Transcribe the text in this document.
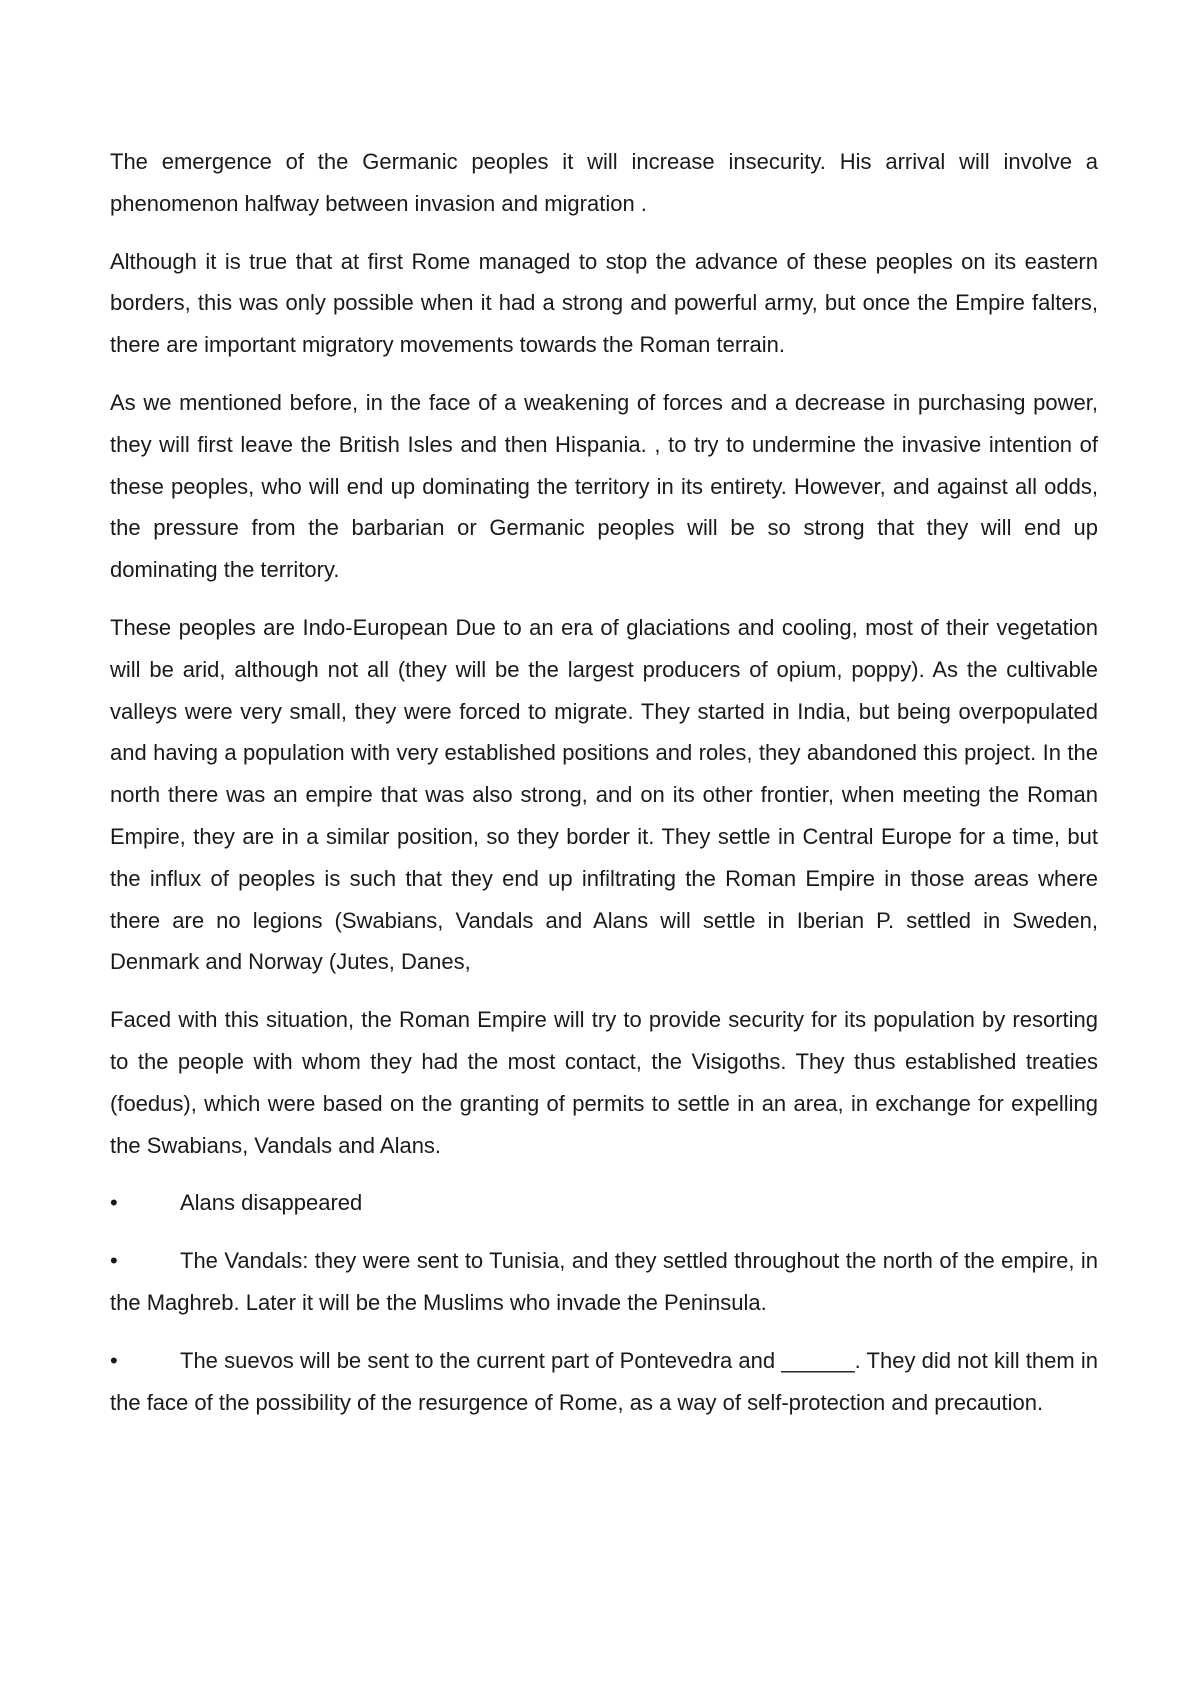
The emergence of the Germanic peoples it will increase insecurity. His arrival will involve a phenomenon halfway between invasion and migration .

Although it is true that at first Rome managed to stop the advance of these peoples on its eastern borders, this was only possible when it had a strong and powerful army, but once the Empire falters, there are important migratory movements towards the Roman terrain.

As we mentioned before, in the face of a weakening of forces and a decrease in purchasing power, they will first leave the British Isles and then Hispania. , to try to undermine the invasive intention of these peoples, who will end up dominating the territory in its entirety. However, and against all odds, the pressure from the barbarian or Germanic peoples will be so strong that they will end up dominating the territory.

These peoples are Indo-European Due to an era of glaciations and cooling, most of their vegetation will be arid, although not all (they will be the largest producers of opium, poppy). As the cultivable valleys were very small, they were forced to migrate. They started in India, but being overpopulated and having a population with very established positions and roles, they abandoned this project. In the north there was an empire that was also strong, and on its other frontier, when meeting the Roman Empire, they are in a similar position, so they border it. They settle in Central Europe for a time, but the influx of peoples is such that they end up infiltrating the Roman Empire in those areas where there are no legions (Swabians, Vandals and Alans will settle in Iberian P. settled in Sweden, Denmark and Norway (Jutes, Danes,

Faced with this situation, the Roman Empire will try to provide security for its population by resorting to the people with whom they had the most contact, the Visigoths. They thus established treaties (foedus), which were based on the granting of permits to settle in an area, in exchange for expelling the Swabians, Vandals and Alans.

•	Alans disappeared

•	The Vandals: they were sent to Tunisia, and they settled throughout the north of the empire, in the Maghreb. Later it will be the Muslims who invade the Peninsula.

•	The suevos will be sent to the current part of Pontevedra and ______. They did not kill them in the face of the possibility of the resurgence of Rome, as a way of self-protection and precaution.
